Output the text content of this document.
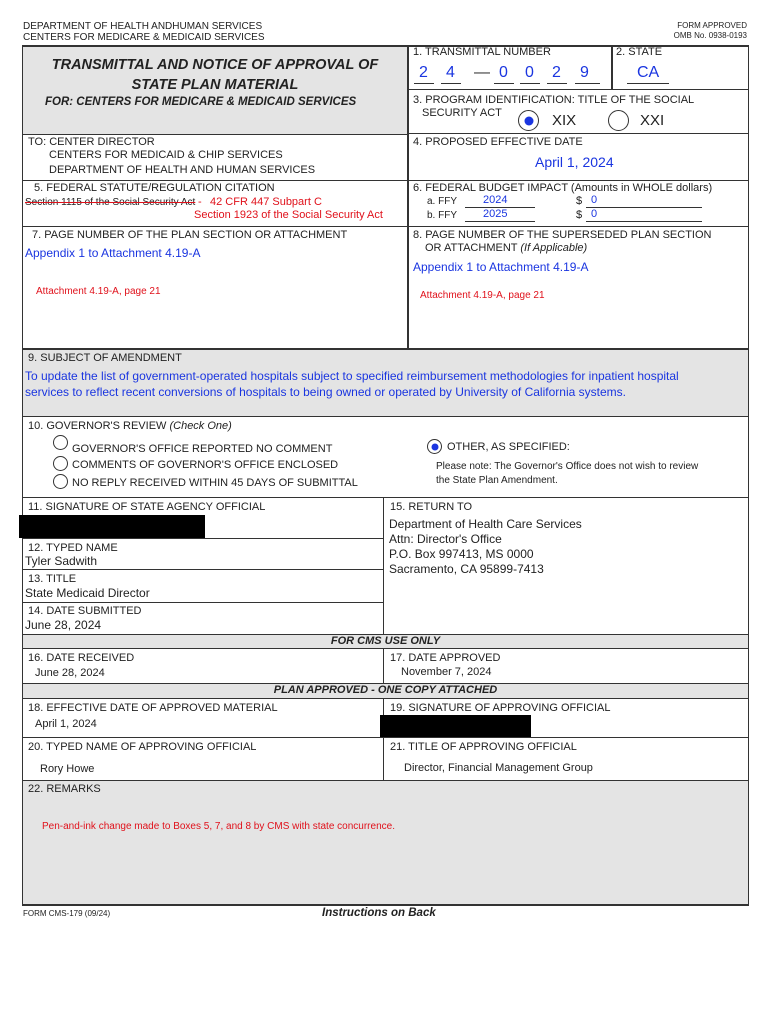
DEPARTMENT OF HEALTH ANDHUMAN SERVICES
CENTERS FOR MEDICARE & MEDICAID SERVICES
FORM APPROVED
OMB No. 0938-0193
TRANSMITTAL AND NOTICE OF APPROVAL OF
STATE PLAN MATERIAL
FOR: CENTERS FOR MEDICARE & MEDICAID SERVICES
1. TRANSMITTAL NUMBER
2 4 — 0 0 2 9
2. STATE
CA
3. PROGRAM IDENTIFICATION: TITLE OF THE SOCIAL
SECURITY ACT	XIX	XXI
TO: CENTER DIRECTOR
CENTERS FOR MEDICAID & CHIP SERVICES
DEPARTMENT OF HEALTH AND HUMAN SERVICES
4. PROPOSED EFFECTIVE DATE
April 1, 2024
5. FEDERAL STATUTE/REGULATION CITATION
Section 1115 of the Social Security Act - 42 CFR 447 Subpart C
Section 1923 of the Social Security Act
6. FEDERAL BUDGET IMPACT (Amounts in WHOLE dollars)
a. FFY 2024	$ 0
b. FFY 2025	$ 0
7. PAGE NUMBER OF THE PLAN SECTION OR ATTACHMENT
Appendix 1 to Attachment 4.19-A
Attachment 4.19-A, page 21
8. PAGE NUMBER OF THE SUPERSEDED PLAN SECTION
OR ATTACHMENT (If Applicable)
Appendix 1 to Attachment 4.19-A
Attachment 4.19-A, page 21
9. SUBJECT OF AMENDMENT
To update the list of government-operated hospitals subject to specified reimbursement methodologies for inpatient hospital
services to reflect recent conversions of hospitals to being owned or operated by University of California systems.
10. GOVERNOR'S REVIEW (Check One)
GOVERNOR'S OFFICE REPORTED NO COMMENT
COMMENTS OF GOVERNOR'S OFFICE ENCLOSED
NO REPLY RECEIVED WITHIN 45 DAYS OF SUBMITTAL
OTHER, AS SPECIFIED:
Please note: The Governor's Office does not wish to review
the State Plan Amendment.
11. SIGNATURE OF STATE AGENCY OFFICIAL
12. TYPED NAME
Tyler Sadwith
13. TITLE
State Medicaid Director
14. DATE SUBMITTED
June 28, 2024
15. RETURN TO
Department of Health Care Services
Attn: Director's Office
P.O. Box 997413, MS 0000
Sacramento, CA 95899-7413
FOR CMS USE ONLY
16. DATE RECEIVED
June 28, 2024
17. DATE APPROVED
November 7, 2024
PLAN APPROVED - ONE COPY ATTACHED
18. EFFECTIVE DATE OF APPROVED MATERIAL
April 1, 2024
19. SIGNATURE OF APPROVING OFFICIAL
20. TYPED NAME OF APPROVING OFFICIAL
Rory Howe
21. TITLE OF APPROVING OFFICIAL
Director, Financial Management Group
22. REMARKS
Pen-and-ink change made to Boxes 5, 7, and 8 by CMS with state concurrence.
FORM CMS-179 (09/24)	Instructions on Back
